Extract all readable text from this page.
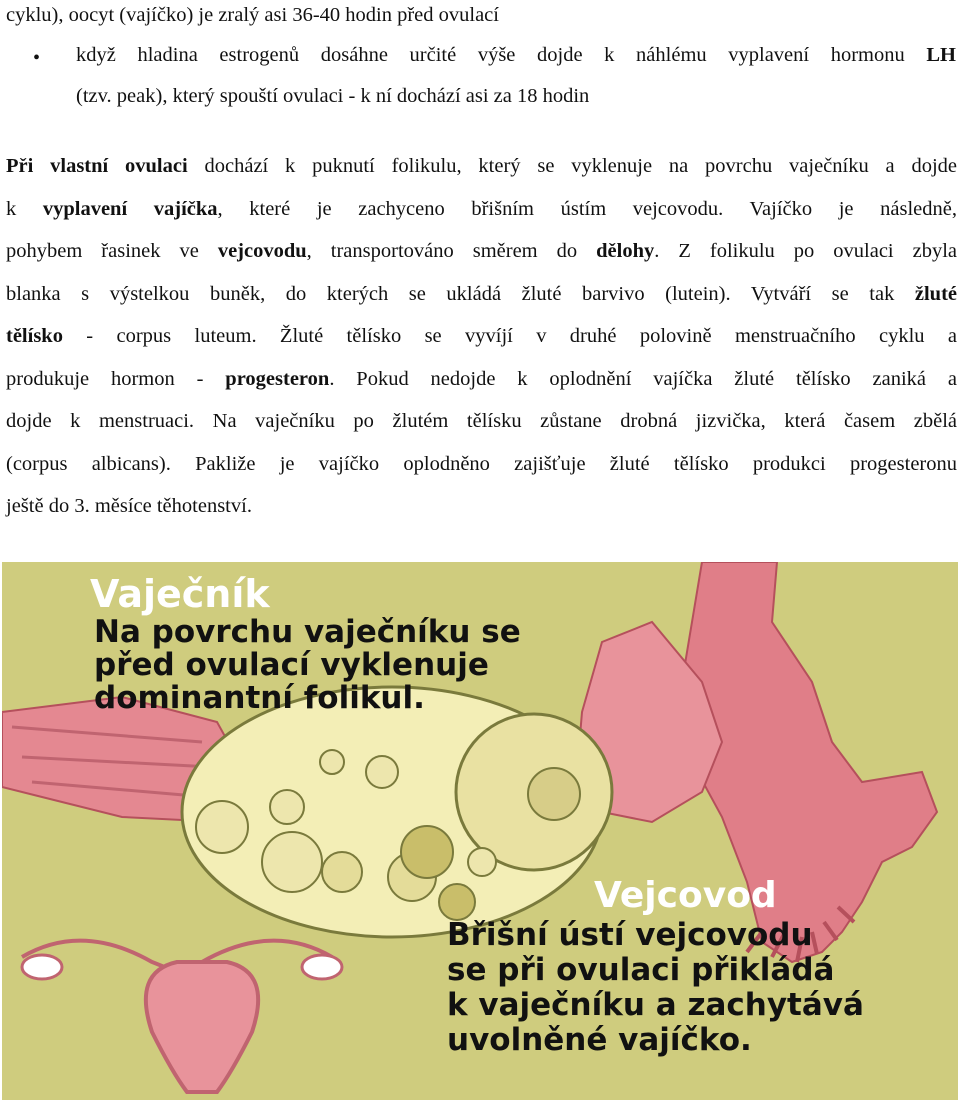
cyklu), oocyt (vajíčko) je zralý asi 36-40 hodin před ovulací
• když hladina estrogenů dosáhne určité výše dojde k náhlému vyplavení hormonu LH
(tzv. peak), který spouští ovulaci - k ní dochází asi za 18 hodin
Při vlastní ovulaci dochází k puknutí folikulu, který se vyklenuje na povrchu vaječníku a dojde
k vyplavení vajíčka, které je zachyceno břišním ústím vejcovodu. Vajíčko je následně,
pohybem řasinek ve vejcovodu, transportováno směrem do dělohy. Z folikulu po ovulaci zbyla
blanka s výstelkou buněk, do kterých se ukládá žluté barvivo (lutein). Vytváří se tak žluté
tělísko - corpus luteum. Žluté tělísko se vyvíjí v druhé polovině menstruačního cyklu a
produkuje hormon - progesteron. Pokud nedojde k oplodnění vajíčka žluté tělísko zaniká a
dojde k menstruaci. Na vaječníku po žlutém tělísku zůstane drobná jizvička, která časem zbělá
(corpus albicans). Pakliže je vajíčko oplodněno zajišťuje žluté tělísko produkci progesteronu
ještě do 3. měsíce těhotenství.
Vaječník
Na povrchu vaječníku se
před ovulací vyklenuje
dominantní folikul.
Vejcovod
Břišní ústí vejcovodu
se při ovulaci přikládá
k vaječníku a zachytává
uvolněné vajíčko.
